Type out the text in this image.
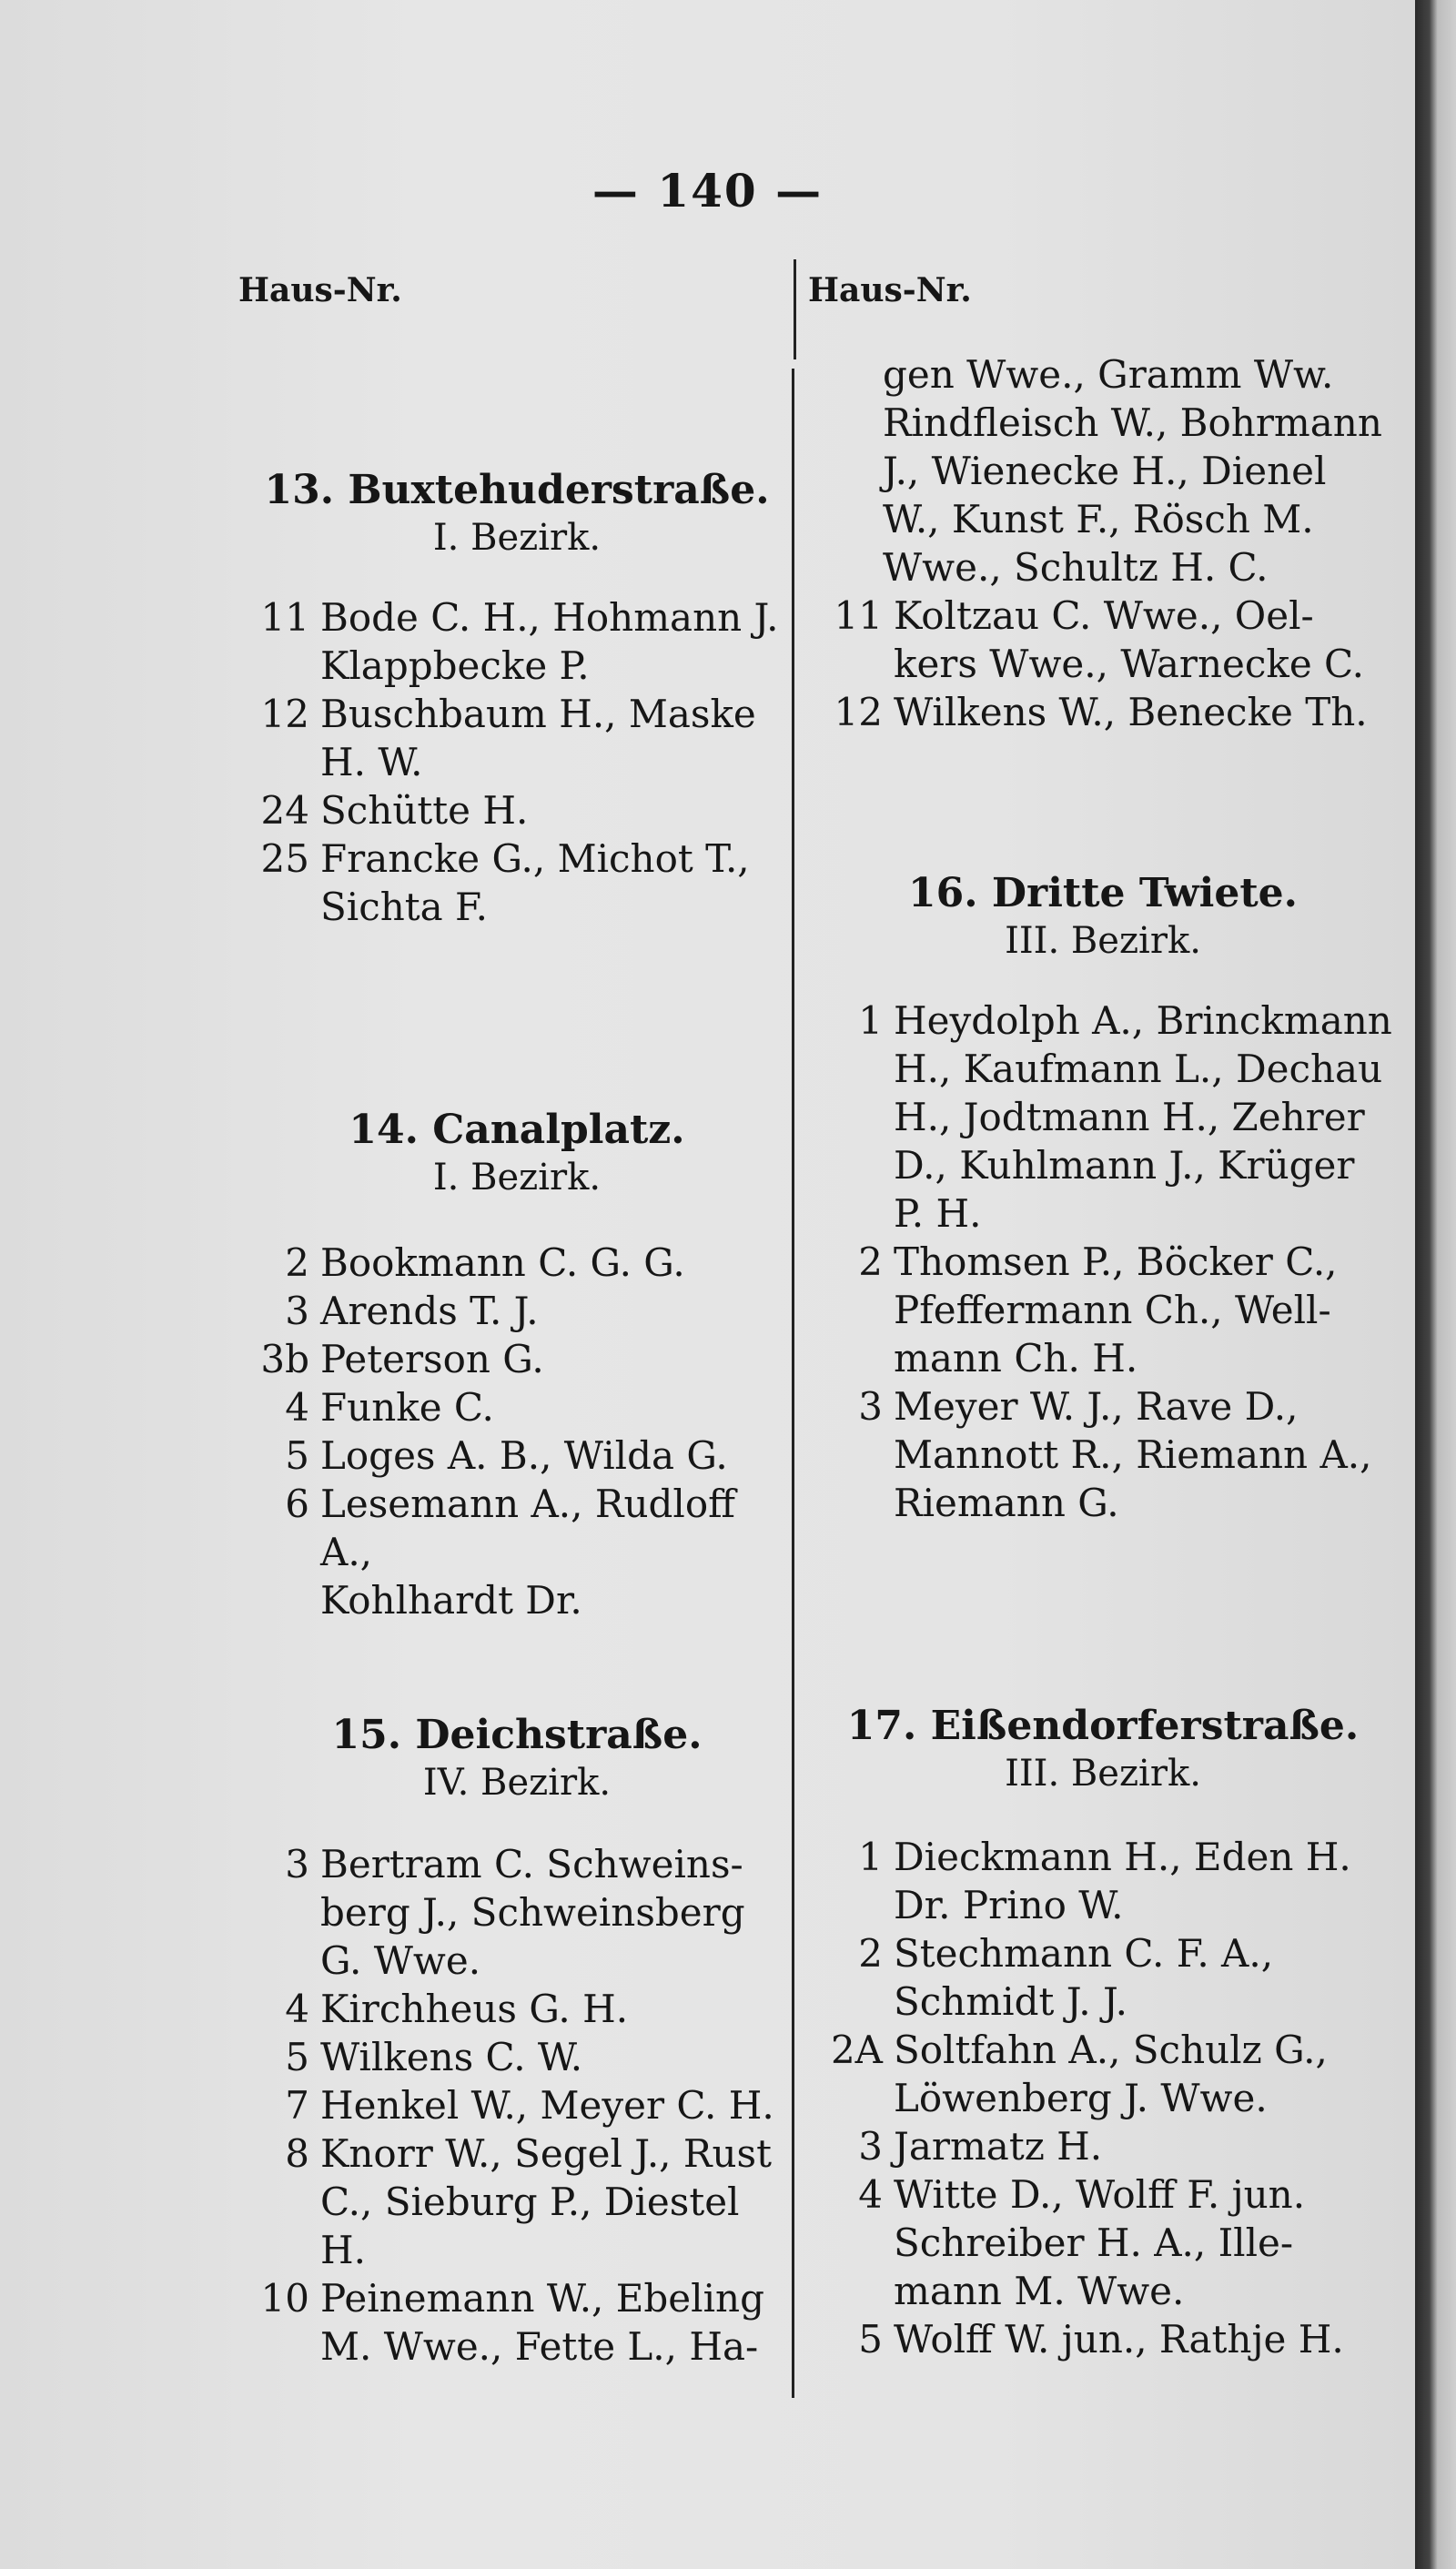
— 140 —
Haus-Nr.	Haus-Nr.

13. Buxtehuderstraße.

I. Bezirk.

11 Bode C. H., Hohmann J.
Klappbecke P.
12 Buschbaum H., Maske
H. W.
24 Schütte H.
25 Francke G., Michot T.,
Sichta F.

14. Canalplatz.

I. Bezirk.

2 Bookmann C. G. G.
3 Arends T. J.
3b Peterson G.
4 Funke C.
5 Loges A. B., Wilda G.
6 Lesemann A., Rudloff A.,
Kohlhardt Dr.

15. Deichstraße.

IV. Bezirk.

3 Bertram C. Schweins-
berg J., Schweinsberg
G. Wwe.
4 Kirchheus G. H.
5 Wilkens C. W.
7 Henkel W., Meyer C. H.
8 Knorr W., Segel J., Rust
C., Sieburg P., Diestel
H.
10 Peinemann W., Ebeling
M. Wwe., Fette L., Ha-

gen Wwe., Gramm Ww.

Rindfleisch W., Bohrmann

J., Wienecke H., Dienel

W., Kunst F., Rösch M.

Wwe., Schultz H. C.

11 Koltzau C. Wwe., Oel-
kers Wwe., Warnecke C.
12 Wilkens W., Benecke Th.

16. Dritte Twiete.

III. Bezirk.

1 Heydolph A., Brinckmann
H., Kaufmann L., Dechau
H., Jodtmann H., Zehrer
D., Kuhlmann J., Krüger
P. H.
2 Thomsen P., Böcker C.,
Pfeffermann Ch., Well-
mann Ch. H.
3 Meyer W. J., Rave D.,
Mannott R., Riemann A.,
Riemann G.

17. Eißendorferstraße.

III. Bezirk.

1 Dieckmann H., Eden H.
Dr. Prino W.
2 Stechmann C. F. A.,
Schmidt J. J.
2A Soltfahn A., Schulz G.,
Löwenberg J. Wwe.
3 Jarmatz H.
4 Witte D., Wolff F. jun.
Schreiber H. A., Ille-
mann M. Wwe.
5 Wolff W. jun., Rathje H.
